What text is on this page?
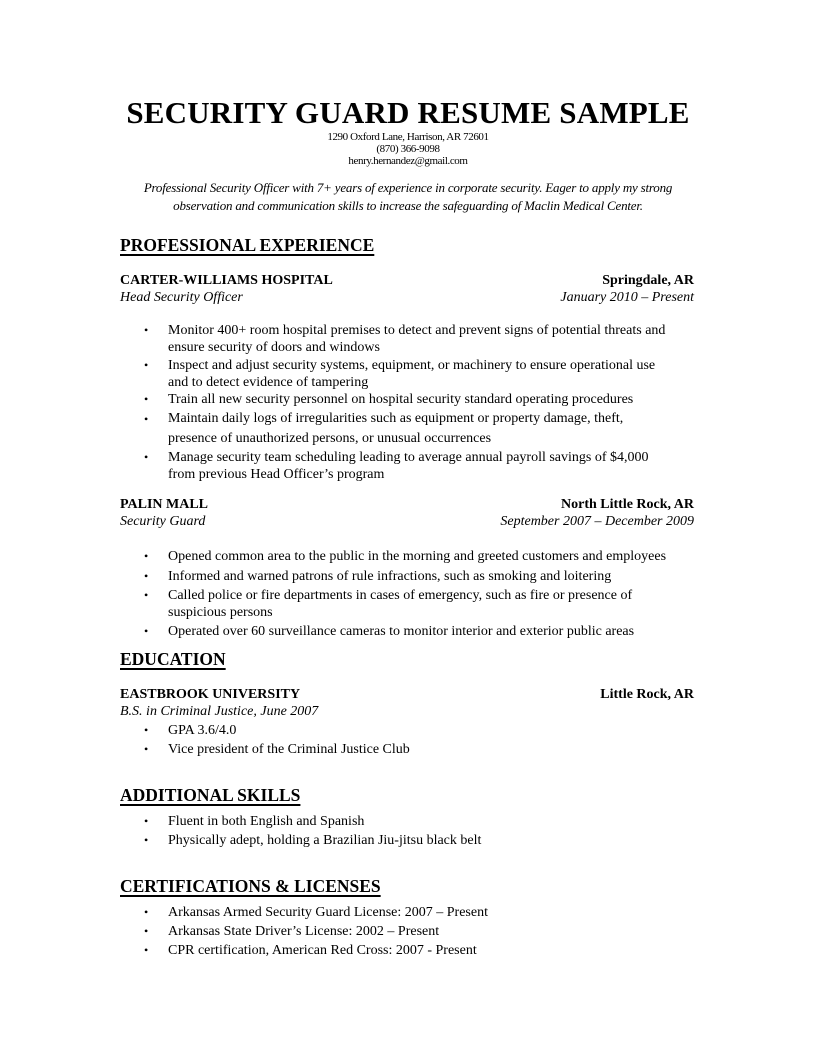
SECURITY GUARD RESUME SAMPLE
1290 Oxford Lane, Harrison, AR 72601
(870) 366-9098
henry.hernandez@gmail.com
Professional Security Officer with 7+ years of experience in corporate security. Eager to apply my strong
observation and communication skills to increase the safeguarding of Maclin Medical Center.
PROFESSIONAL EXPERIENCE
CARTER-WILLIAMS HOSPITAL	Springdale, AR
Head Security Officer	January 2010 – Present
• Monitor 400+ room hospital premises to detect and prevent signs of potential threats and
ensure security of doors and windows
• Inspect and adjust security systems, equipment, or machinery to ensure operational use
and to detect evidence of tampering
• Train all new security personnel on hospital security standard operating procedures
• Maintain daily logs of irregularities such as equipment or property damage, theft,
presence of unauthorized persons, or unusual occurrences
• Manage security team scheduling leading to average annual payroll savings of $4,000
from previous Head Officer’s program
PALIN MALL	North Little Rock, AR
Security Guard	September 2007 – December 2009
• Opened common area to the public in the morning and greeted customers and employees
• Informed and warned patrons of rule infractions, such as smoking and loitering
• Called police or fire departments in cases of emergency, such as fire or presence of
suspicious persons
• Operated over 60 surveillance cameras to monitor interior and exterior public areas
EDUCATION
EASTBROOK UNIVERSITY	Little Rock, AR
B.S. in Criminal Justice, June 2007
• GPA 3.6/4.0
• Vice president of the Criminal Justice Club
ADDITIONAL SKILLS
• Fluent in both English and Spanish
• Physically adept, holding a Brazilian Jiu-jitsu black belt
CERTIFICATIONS & LICENSES
• Arkansas Armed Security Guard License: 2007 – Present
• Arkansas State Driver’s License: 2002 – Present
• CPR certification, American Red Cross: 2007 - Present
